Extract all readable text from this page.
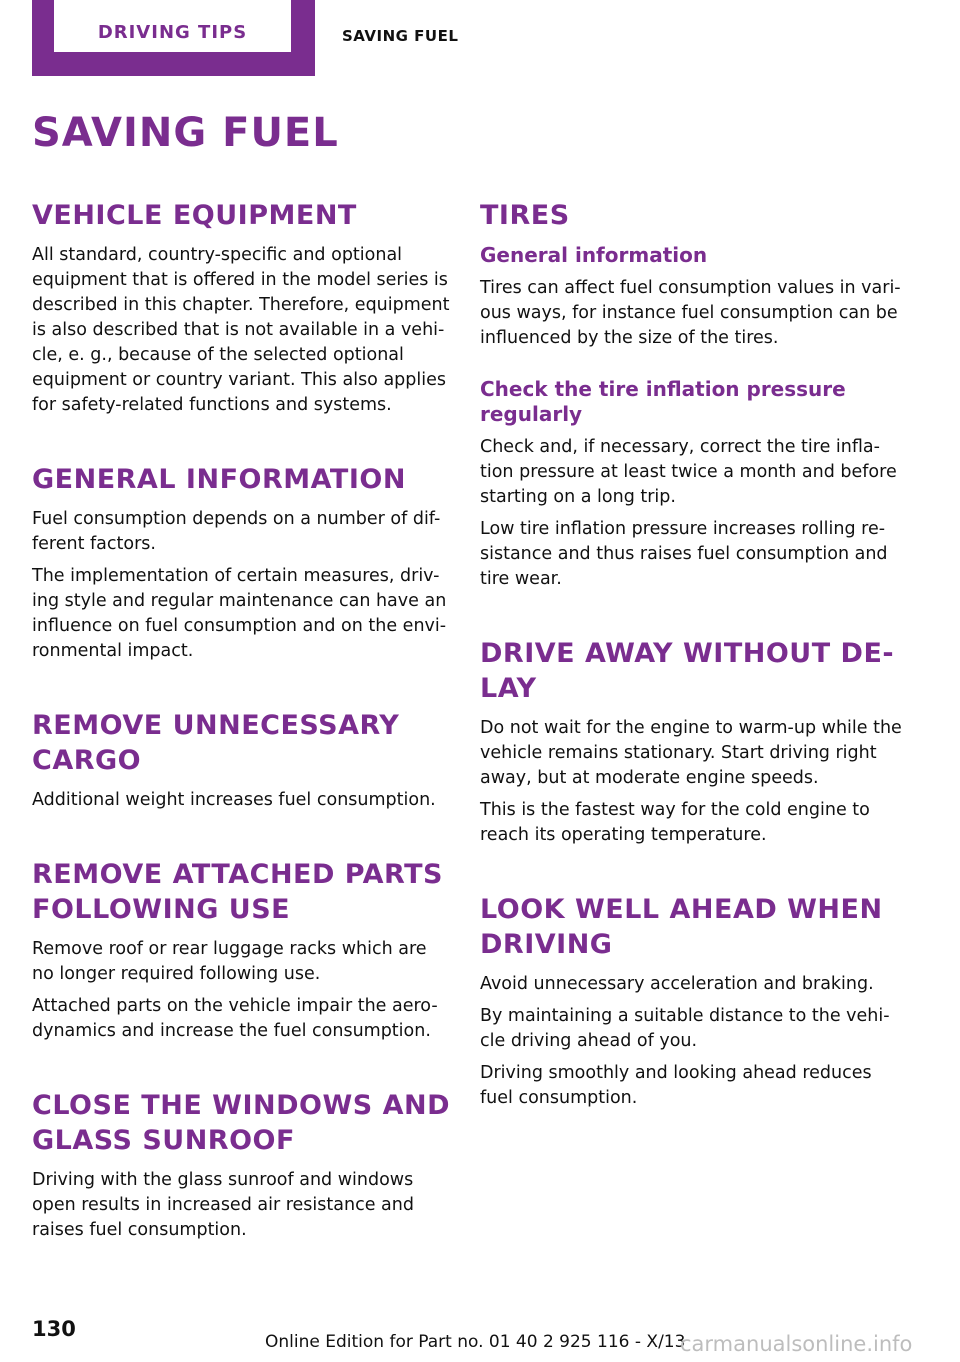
DRIVING TIPS	SAVING FUEL
SAVING FUEL
VEHICLE EQUIPMENT

All standard, country-specific and optional equipment that is offered in the model series is described in this chapter. Therefore, equipment is also described that is not available in a vehi-cle, e. g., because of the selected optional equipment or country variant. This also applies for safety-related functions and systems.

GENERAL INFORMATION

Fuel consumption depends on a number of dif-ferent factors.

The implementation of certain measures, driv-ing style and regular maintenance can have an influence on fuel consumption and on the envi-ronmental impact.

REMOVE UNNECESSARY CARGO

Additional weight increases fuel consumption.

REMOVE ATTACHED PARTS FOLLOWING USE

Remove roof or rear luggage racks which are no longer required following use.

Attached parts on the vehicle impair the aero-dynamics and increase the fuel consumption.

CLOSE THE WINDOWS AND GLASS SUNROOF

Driving with the glass sunroof and windows open results in increased air resistance and raises fuel consumption.

TIRES
General information

Tires can affect fuel consumption values in vari-ous ways, for instance fuel consumption can be influenced by the size of the tires.

Check the tire inflation pressure regularly

Check and, if necessary, correct the tire infla-tion pressure at least twice a month and before starting on a long trip.

Low tire inflation pressure increases rolling re-sistance and thus raises fuel consumption and tire wear.

DRIVE AWAY WITHOUT DE-LAY

Do not wait for the engine to warm-up while the vehicle remains stationary. Start driving right away, but at moderate engine speeds.

This is the fastest way for the cold engine to reach its operating temperature.

LOOK WELL AHEAD WHEN DRIVING

Avoid unnecessary acceleration and braking.

By maintaining a suitable distance to the vehi-cle driving ahead of you.

Driving smoothly and looking ahead reduces fuel consumption.

130
Online Edition for Part no. 01 40 2 925 116 - X/13
carmanualsonline.info
